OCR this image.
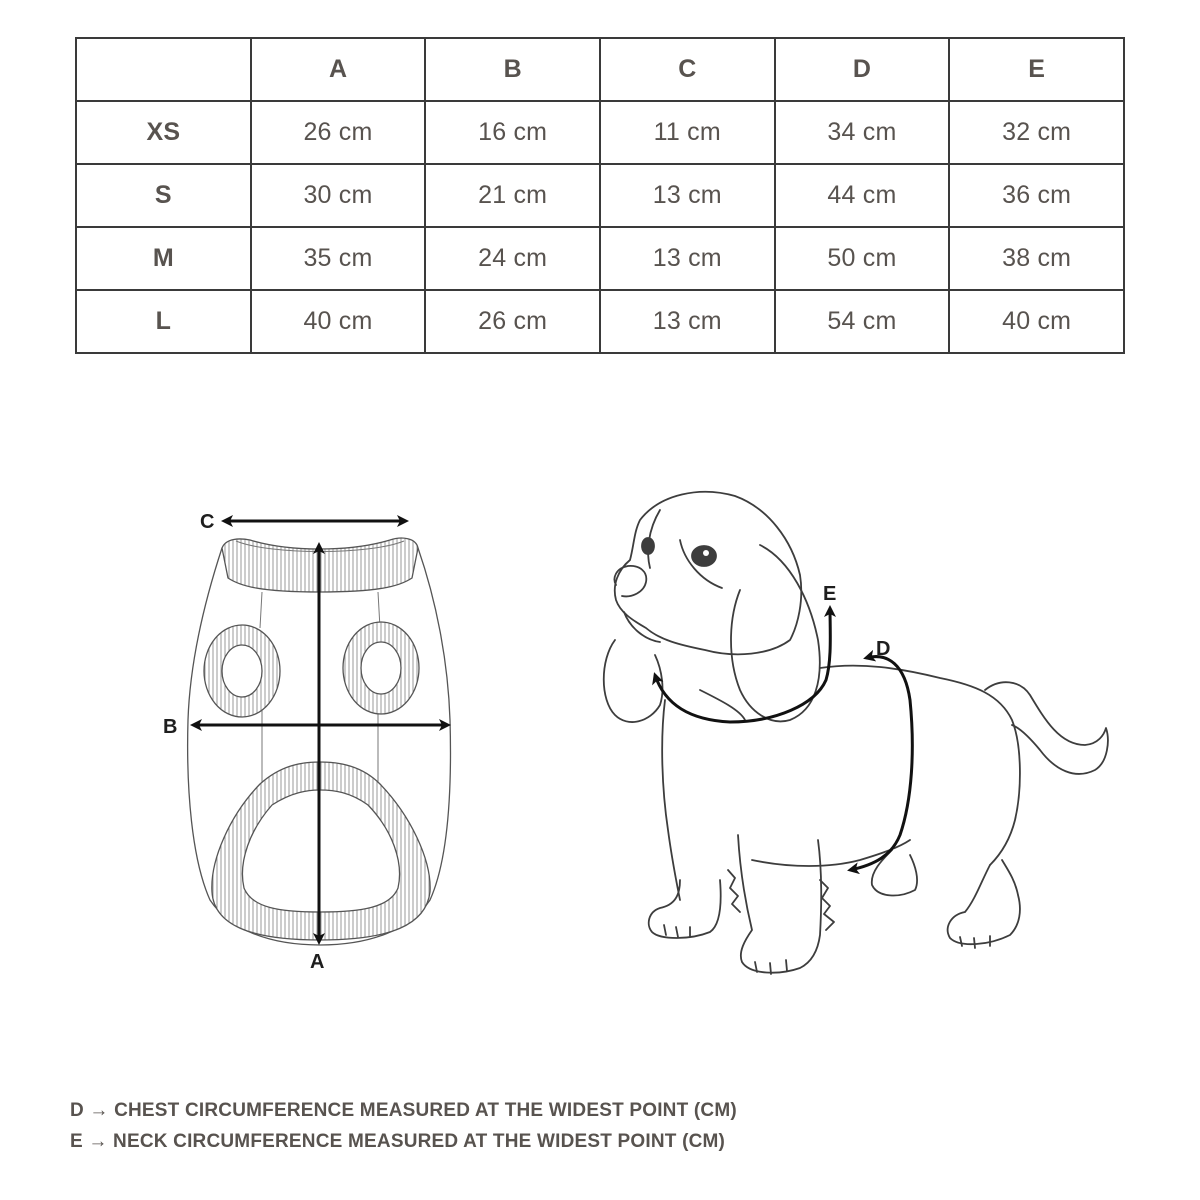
	A	B	C	D	E
XS	26 cm	16 cm	11 cm	34 cm	32 cm
S	30 cm	21 cm	13 cm	44 cm	36 cm
M	35 cm	24 cm	13 cm	50 cm	38 cm
L	40 cm	26 cm	13 cm	54 cm	40 cm
C
B
A
E
D
D → CHEST CIRCUMFERENCE MEASURED AT THE WIDEST POINT (CM)
E → NECK CIRCUMFERENCE MEASURED AT THE WIDEST POINT (CM)
